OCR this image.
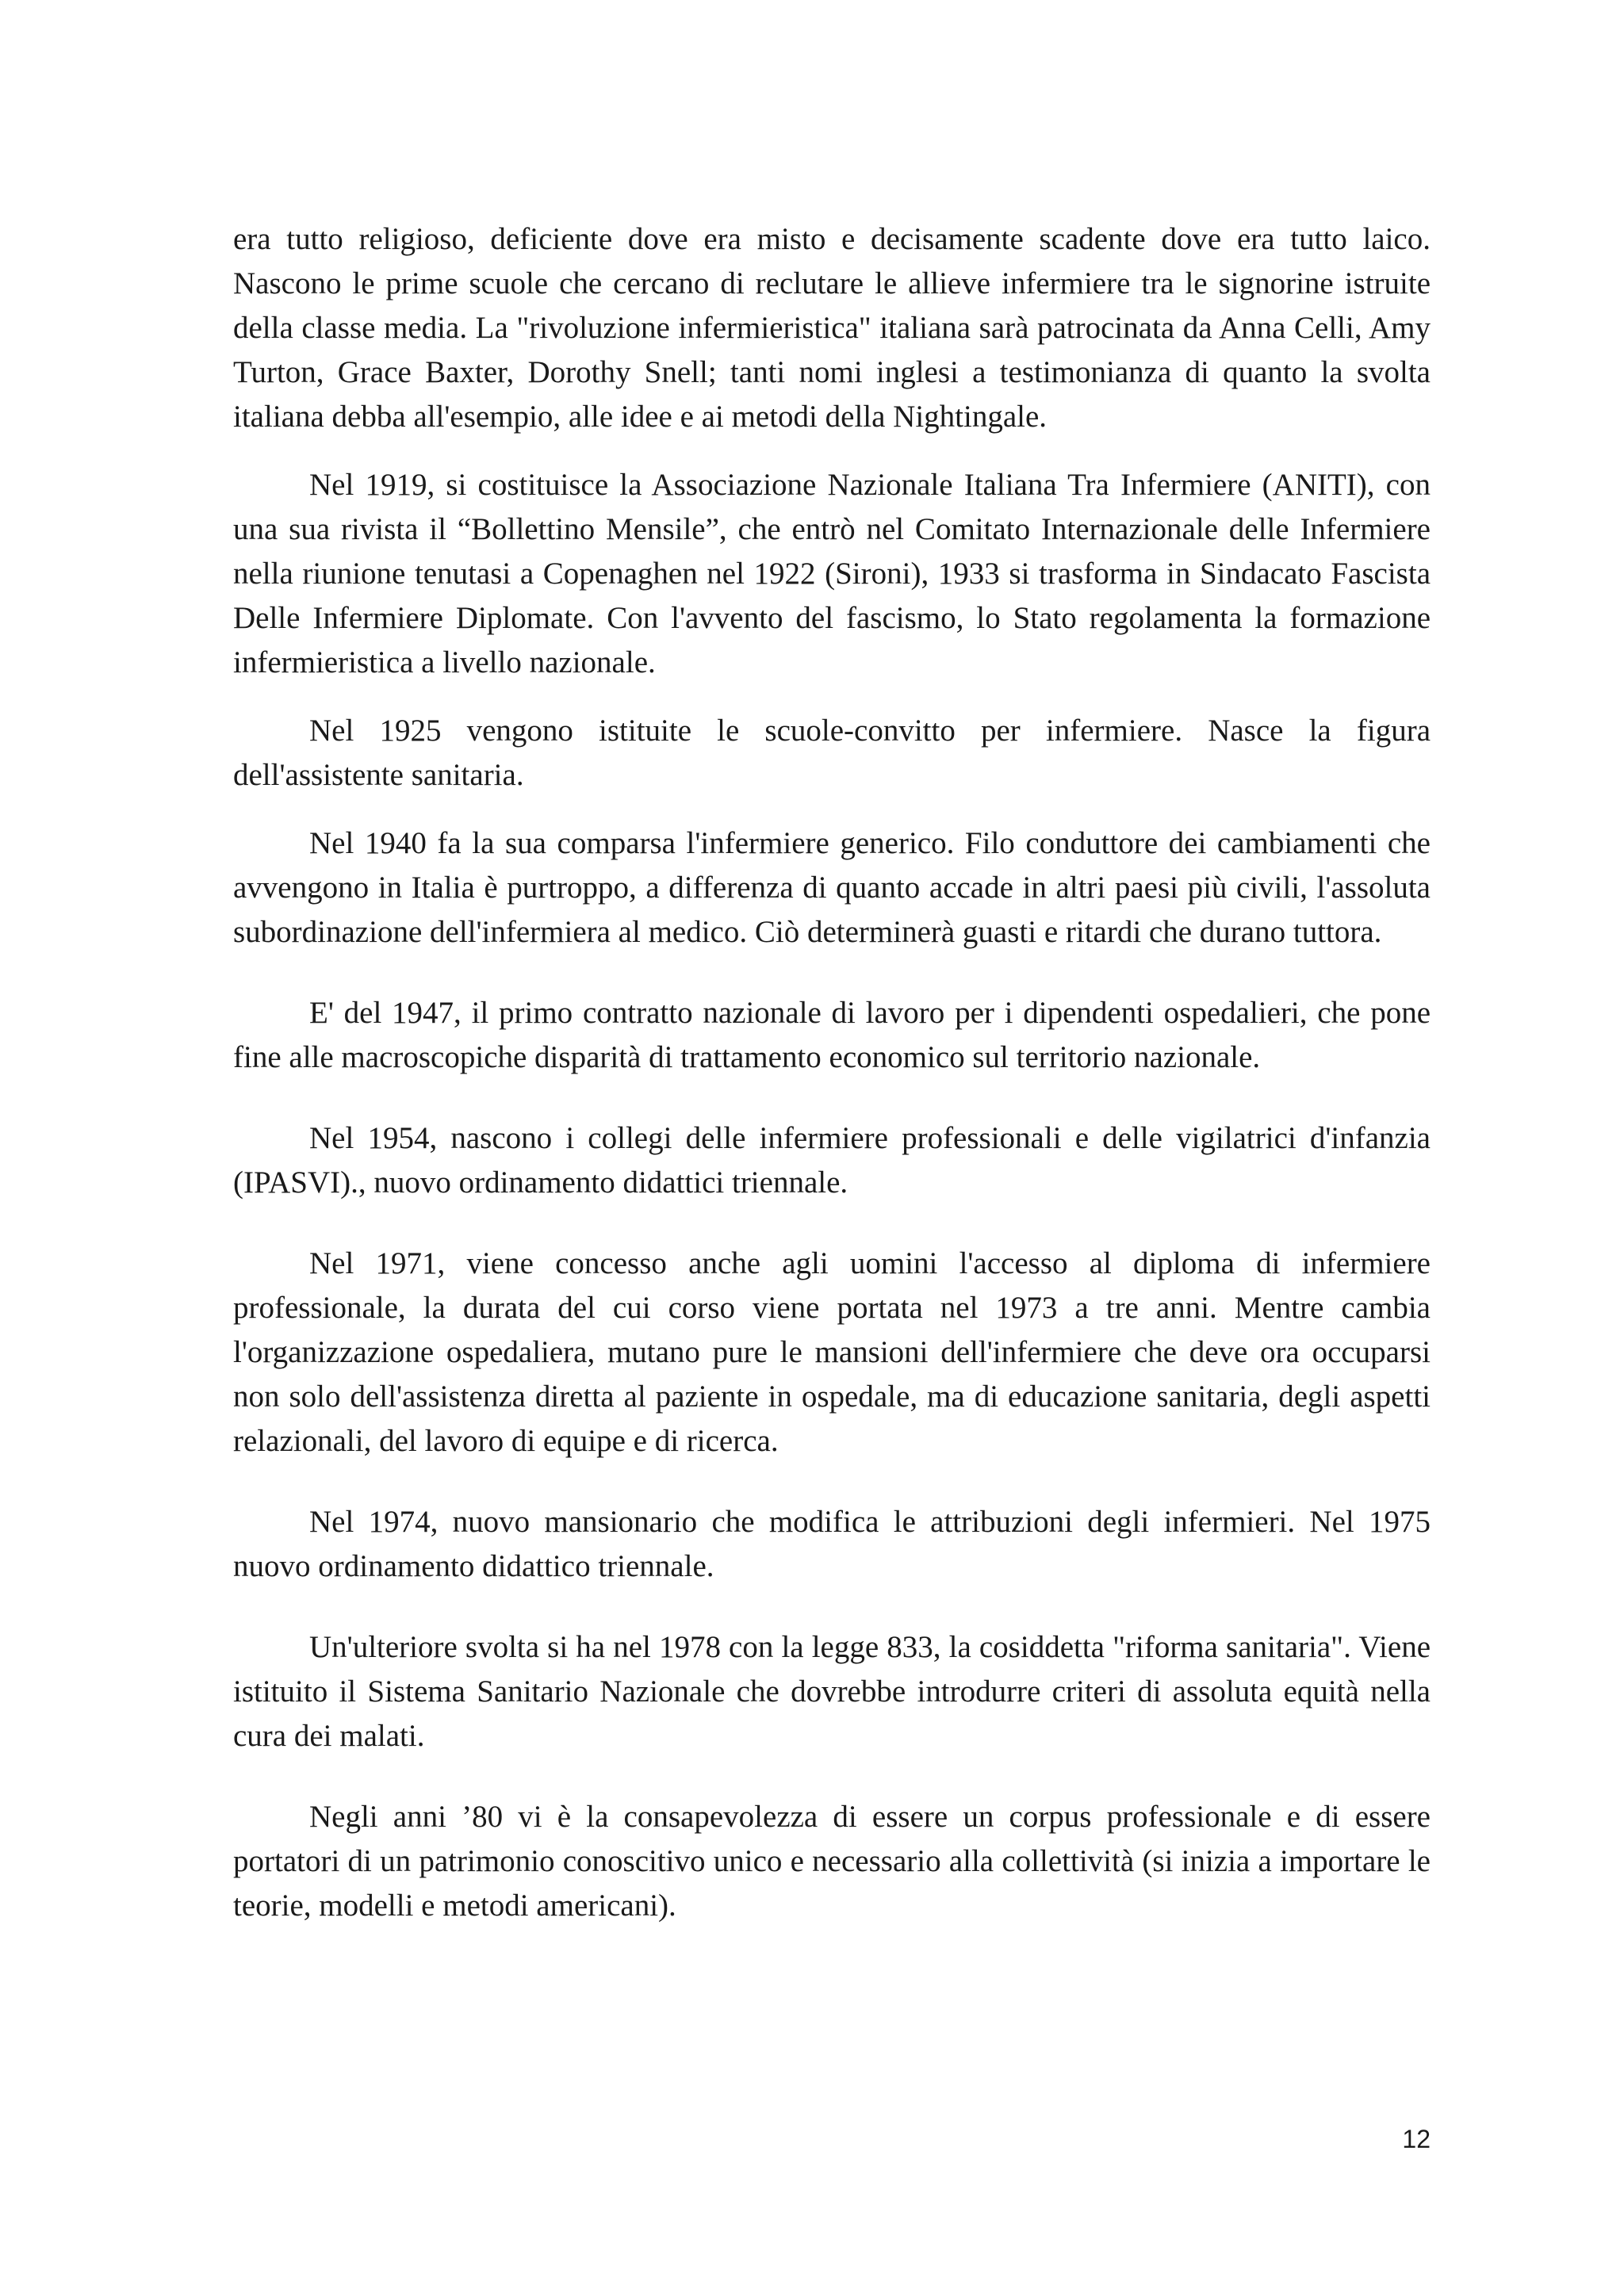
era tutto religioso, deficiente dove era misto e decisamente scadente dove era tutto laico. Nascono le prime scuole che cercano di reclutare le allieve infermiere tra le signorine istruite della classe media. La "rivoluzione infermieristica" italiana sarà patrocinata da Anna Celli, Amy Turton, Grace Baxter, Dorothy Snell; tanti nomi inglesi a testimonianza di quanto la svolta italiana debba all'esempio, alle idee e ai metodi della Nightingale.

Nel 1919, si costituisce la Associazione Nazionale Italiana Tra Infermiere (ANITI), con una sua rivista il “Bollettino Mensile”, che entrò nel Comitato Internazionale delle Infermiere nella riunione tenutasi a Copenaghen nel 1922 (Sironi), 1933 si trasforma in Sindacato Fascista Delle Infermiere Diplomate. Con l'avvento del fascismo, lo Stato regolamenta la formazione infermieristica a livello nazionale.

Nel 1925 vengono istituite le scuole-convitto per infermiere. Nasce la figura dell'assistente sanitaria.

Nel 1940 fa la sua comparsa l'infermiere generico. Filo conduttore dei cambiamenti che avvengono in Italia è purtroppo, a differenza di quanto accade in altri paesi più civili, l'assoluta subordinazione dell'infermiera al medico. Ciò determinerà guasti e ritardi che durano tuttora.

E' del 1947, il primo contratto nazionale di lavoro per i dipendenti ospedalieri, che pone fine alle macroscopiche disparità di trattamento economico sul territorio nazionale.

Nel 1954, nascono i collegi delle infermiere professionali e delle vigilatrici d'infanzia (IPASVI)., nuovo ordinamento didattici triennale.

Nel 1971, viene concesso anche agli uomini l'accesso al diploma di infermiere professionale, la durata del cui corso viene portata nel 1973 a tre anni. Mentre cambia l'organizzazione ospedaliera, mutano pure le mansioni dell'infermiere che deve ora occuparsi non solo dell'assistenza diretta al paziente in ospedale, ma di educazione sanitaria, degli aspetti relazionali, del lavoro di equipe e di ricerca.

Nel 1974, nuovo mansionario che modifica le attribuzioni degli infermieri. Nel 1975 nuovo ordinamento didattico triennale.

Un'ulteriore svolta si ha nel 1978 con la legge 833, la cosiddetta "riforma sanitaria". Viene istituito il Sistema Sanitario Nazionale che dovrebbe introdurre criteri di assoluta equità nella cura dei malati.

Negli anni ’80 vi è la consapevolezza di essere un corpus professionale e di essere portatori di un patrimonio conoscitivo unico e necessario alla collettività (si inizia a importare le teorie, modelli e metodi americani).

12
